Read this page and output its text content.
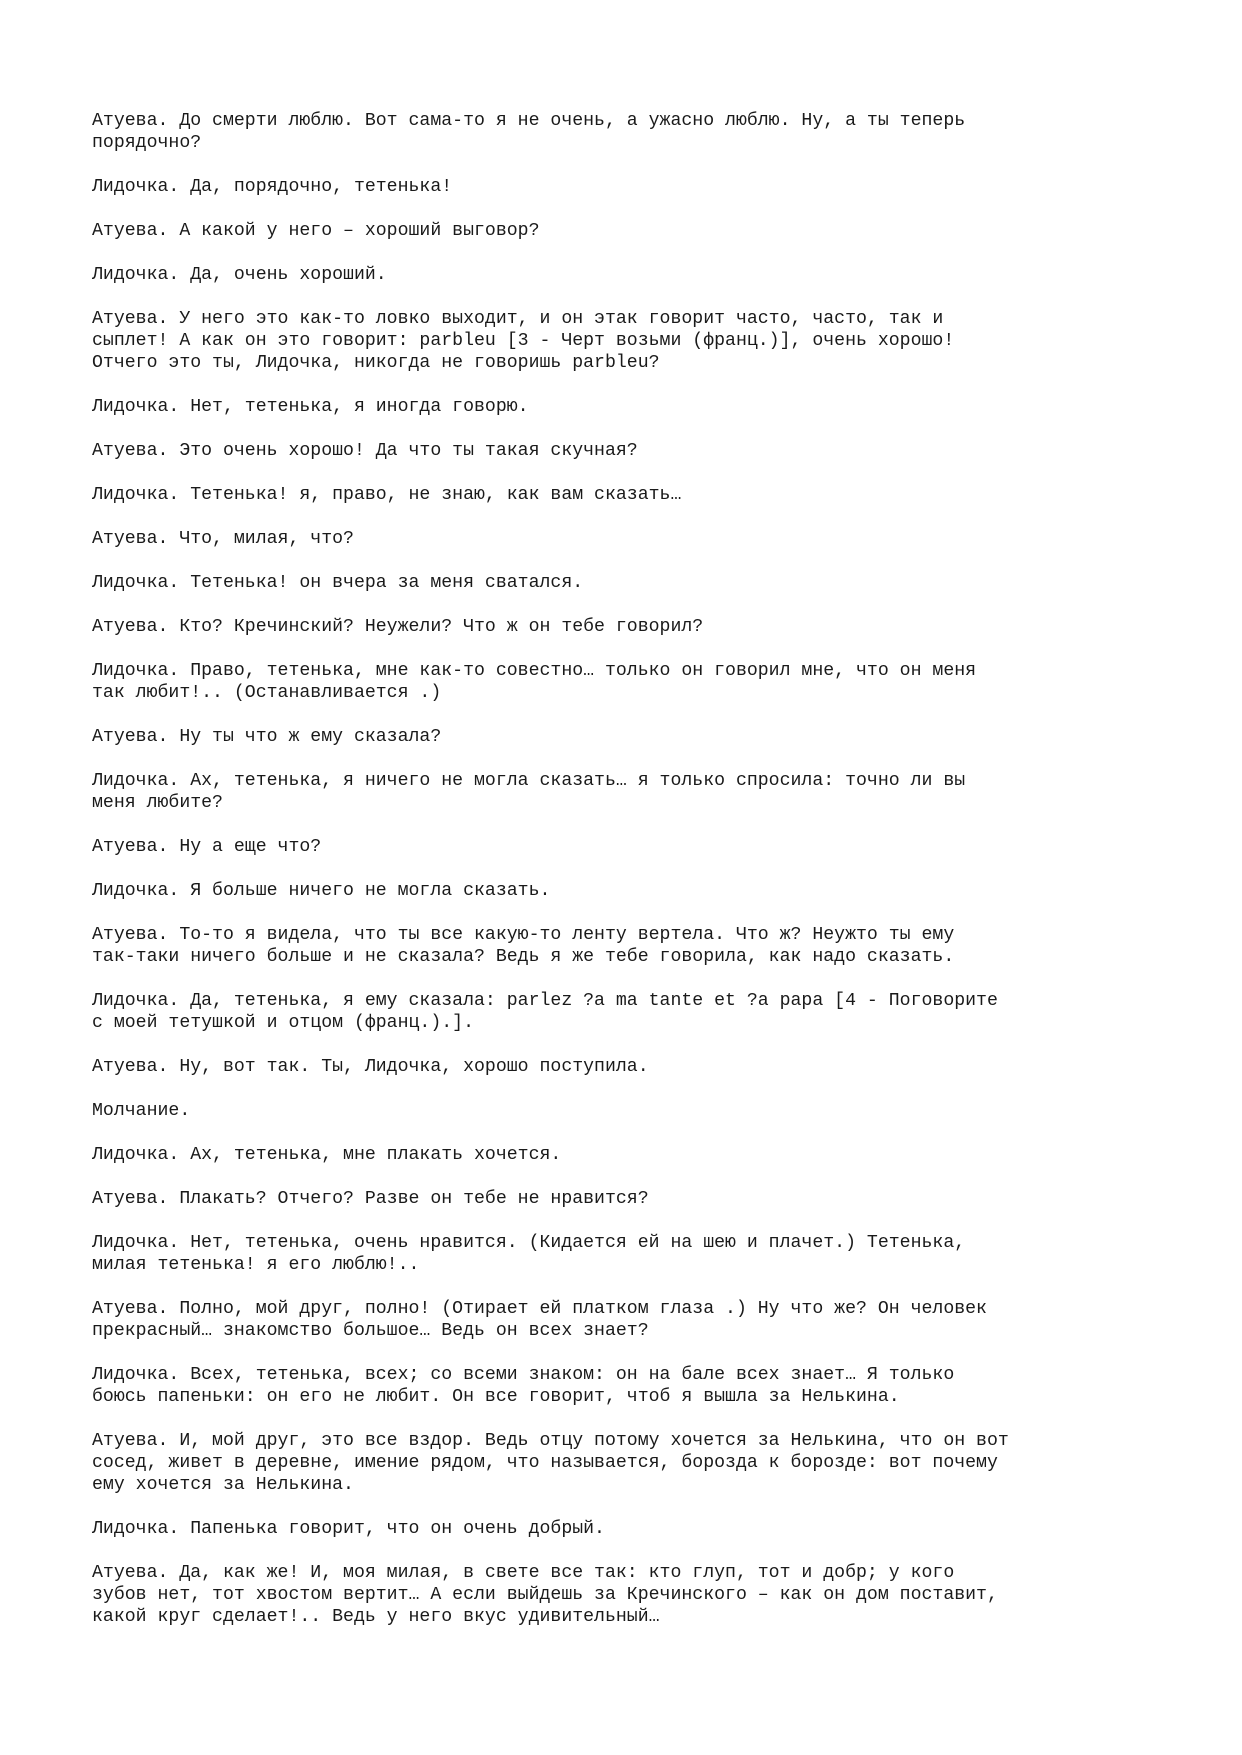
Атуева. До смерти люблю. Вот сама-то я не очень, а ужасно люблю. Ну, а ты теперь
порядочно?
Лидочка. Да, порядочно, тетенька!
Атуева. А какой у него – хороший выговор?
Лидочка. Да, очень хороший.
Атуева. У него это как-то ловко выходит, и он этак говорит часто, часто, так и
сыплет! А как он это говорит: parbleu [3 - Черт возьми (франц.)], очень хорошо!
Отчего это ты, Лидочка, никогда не говоришь parbleu?
Лидочка. Нет, тетенька, я иногда говорю.
Атуева. Это очень хорошо! Да что ты такая скучная?
Лидочка. Тетенька! я, право, не знаю, как вам сказать…
Атуева. Что, милая, что?
Лидочка. Тетенька! он вчера за меня сватался.
Атуева. Кто? Кречинский? Неужели? Что ж он тебе говорил?
Лидочка. Право, тетенька, мне как-то совестно… только он говорил мне, что он меня
так любит!.. (Останавливается .)
Атуева. Ну ты что ж ему сказала?
Лидочка. Ах, тетенька, я ничего не могла сказать… я только спросила: точно ли вы
меня любите?
Атуева. Ну а еще что?
Лидочка. Я больше ничего не могла сказать.
Атуева. То-то я видела, что ты все какую-то ленту вертела. Что ж? Неужто ты ему
так-таки ничего больше и не сказала? Ведь я же тебе говорила, как надо сказать.
Лидочка. Да, тетенька, я ему сказала: parlez ?a ma tante et ?a papa [4 - Поговорите
с моей тетушкой и отцом (франц.).].
Атуева. Ну, вот так. Ты, Лидочка, хорошо поступила.
Молчание.
Лидочка. Ах, тетенька, мне плакать хочется.
Атуева. Плакать? Отчего? Разве он тебе не нравится?
Лидочка. Нет, тетенька, очень нравится. (Кидается ей на шею и плачет.) Тетенька,
милая тетенька! я его люблю!..
Атуева. Полно, мой друг, полно! (Отирает ей платком глаза .) Ну что же? Он человек
прекрасный… знакомство большое… Ведь он всех знает?
Лидочка. Всех, тетенька, всех; со всеми знаком: он на бале всех знает… Я только
боюсь папеньки: он его не любит. Он все говорит, чтоб я вышла за Нелькина.
Атуева. И, мой друг, это все вздор. Ведь отцу потому хочется за Нелькина, что он вот
сосед, живет в деревне, имение рядом, что называется, борозда к борозде: вот почему
ему хочется за Нелькина.
Лидочка. Папенька говорит, что он очень добрый.
Атуева. Да, как же! И, моя милая, в свете все так: кто глуп, тот и добр; у кого
зубов нет, тот хвостом вертит… А если выйдешь за Кречинского – как он дом поставит,
какой круг сделает!.. Ведь у него вкус удивительный…
